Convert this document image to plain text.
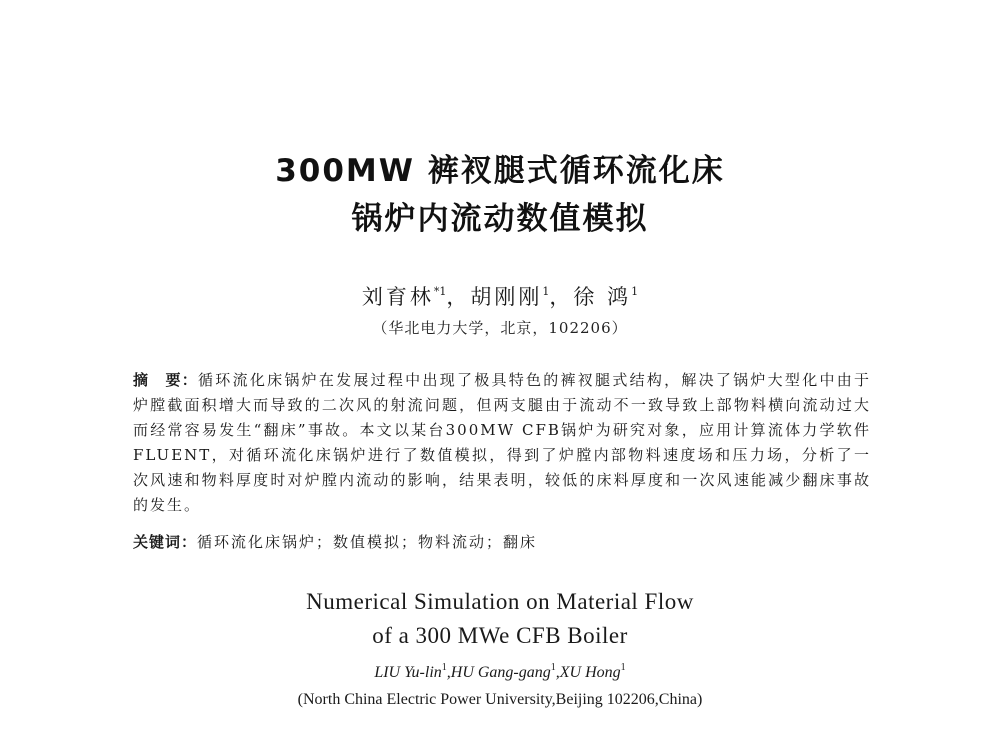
300MW 裤衩腿式循环流化床
锅炉内流动数值模拟
刘育林$^{*1}$，胡刚刚$^1$，徐 鸿$^1$
（华北电力大学，北京，102206）
摘　要：循环流化床锅炉在发展过程中出现了极具特色的裤衩腿式结构，解决了锅炉大型化中由于炉膛截面积增大而导致的二次风的射流问题，但两支腿由于流动不一致导致上部物料横向流动过大而经常容易发生“翻床”事故。本文以某台300MW CFB锅炉为研究对象，应用计算流体力学软件FLUENT，对循环流化床锅炉进行了数值模拟，得到了炉膛内部物料速度场和压力场，分析了一次风速和物料厚度时对炉膛内流动的影响，结果表明，较低的床料厚度和一次风速能减少翻床事故的发生。
关键词：循环流化床锅炉；数值模拟；物料流动；翻床
Numerical Simulation on Material Flow
of a 300 MWe CFB Boiler
LIU Yu-lin$^1$,HU Gang-gang$^1$,XU Hong$^1$
(North China Electric Power University,Beijing 102206,China)
